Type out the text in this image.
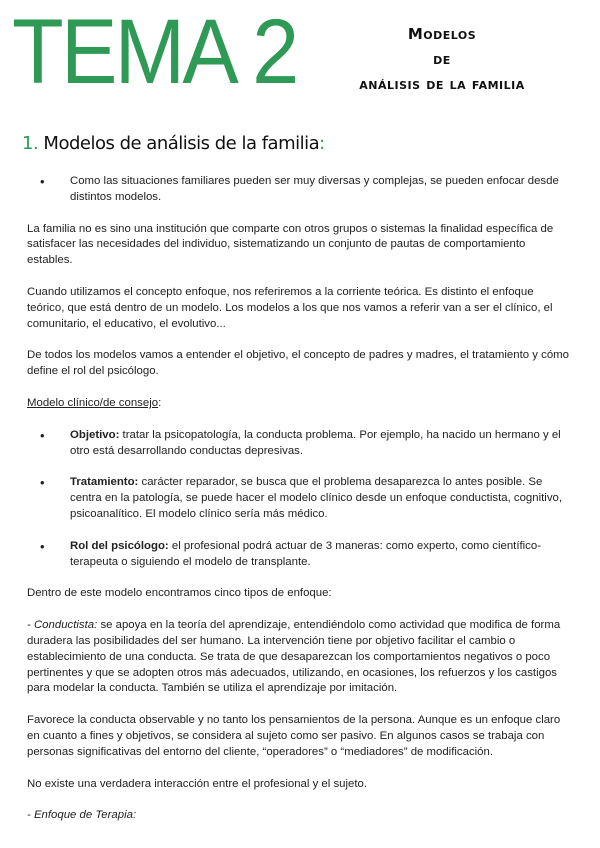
TEMA 2	Modelos
de
análisis de la familia
1. Modelos de análisis de la familia:
• Como las situaciones familiares pueden ser muy diversas y complejas, se pueden enfocar desde distintos modelos.

La familia no es sino una institución que comparte con otros grupos o sistemas la finalidad específica de satisfacer las necesidades del individuo, sistematizando un conjunto de pautas de comportamiento estables.

Cuando utilizamos el concepto enfoque, nos referiremos a la corriente teórica. Es distinto el enfoque teórico, que está dentro de un modelo. Los modelos a los que nos vamos a referir van a ser el clínico, el comunitario, el educativo, el evolutivo...

De todos los modelos vamos a entender el objetivo, el concepto de padres y madres, el tratamiento y cómo define el rol del psicólogo.

Modelo clínico/de consejo:

• Objetivo: tratar la psicopatología, la conducta problema. Por ejemplo, ha nacido un hermano y el otro está desarrollando conductas depresivas.
• Tratamiento: carácter reparador, se busca que el problema desaparezca lo antes posible. Se centra en la patología, se puede hacer el modelo clínico desde un enfoque conductista, cognitivo, psicoanalítico. El modelo clínico sería más médico.
• Rol del psicólogo: el profesional podrá actuar de 3 maneras: como experto, como científico-terapeuta o siguiendo el modelo de transplante.

Dentro de este modelo encontramos cinco tipos de enfoque:

- Conductista: se apoya en la teoría del aprendizaje, entendiéndolo como actividad que modifica de forma duradera las posibilidades del ser humano. La intervención tiene por objetivo facilitar el cambio o establecimiento de una conducta. Se trata de que desaparezcan los comportamientos negativos o poco pertinentes y que se adopten otros más adecuados, utilizando, en ocasiones, los refuerzos y los castigos para modelar la conducta. También se utiliza el aprendizaje por imitación.

Favorece la conducta observable y no tanto los pensamientos de la persona. Aunque es un enfoque claro en cuanto a fines y objetivos, se considera al sujeto como ser pasivo. En algunos casos se trabaja con personas significativas del entorno del cliente, “operadores” o “mediadores” de modificación.

No existe una verdadera interacción entre el profesional y el sujeto.

- Enfoque de Terapia:
